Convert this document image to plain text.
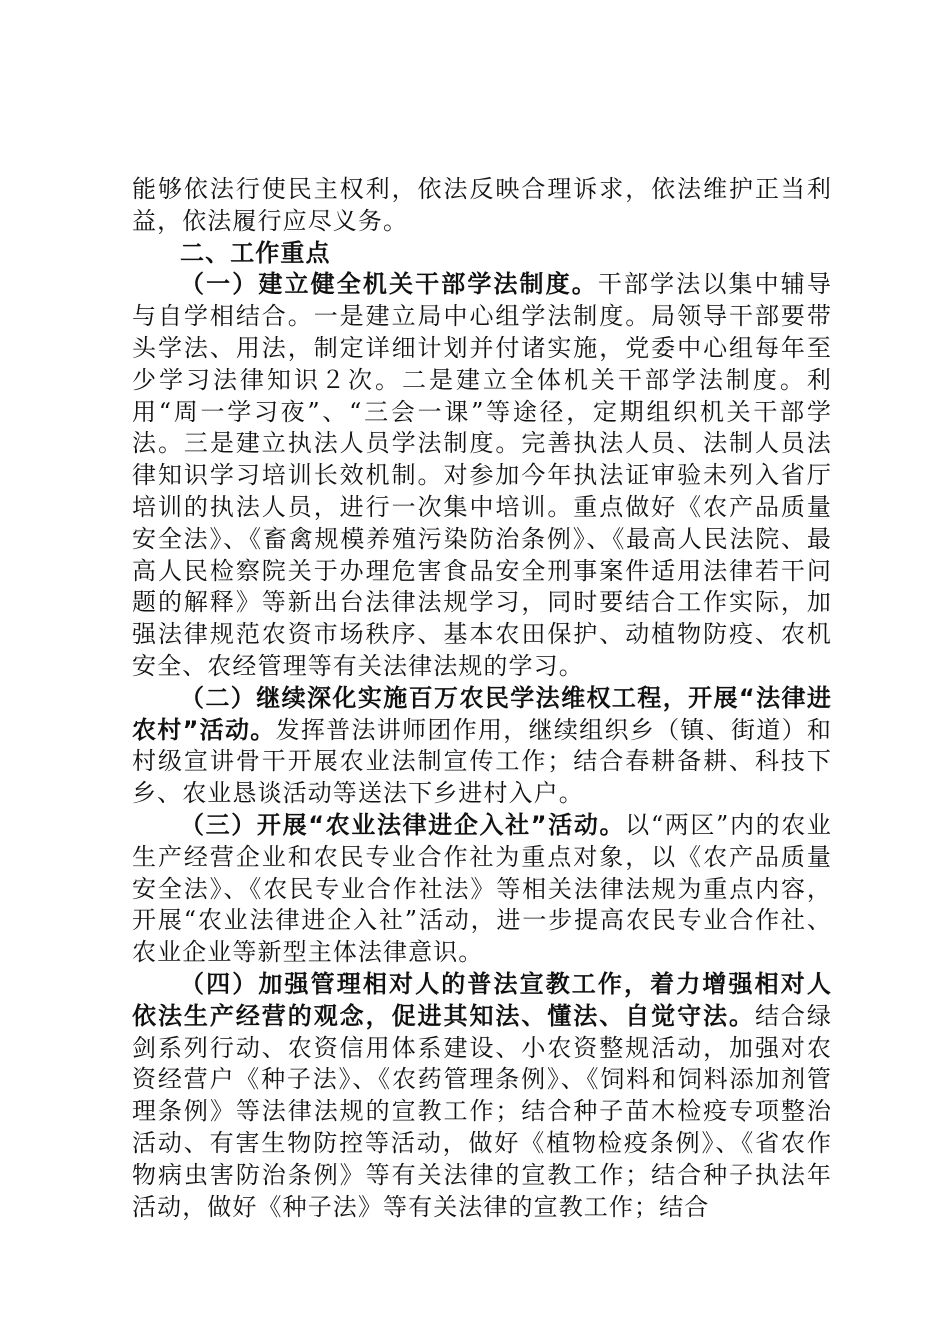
能够依法行使民主权利，依法反映合理诉求，依法维护正当利益，依法履行应尽义务。

二、工作重点

（一）建立健全机关干部学法制度。干部学法以集中辅导与自学相结合。一是建立局中心组学法制度。局领导干部要带头学法、用法，制定详细计划并付诸实施，党委中心组每年至少学习法律知识２次。二是建立全体机关干部学法制度。利用“周一学习夜”、“三会一课”等途径，定期组织机关干部学法。三是建立执法人员学法制度。完善执法人员、法制人员法律知识学习培训长效机制。对参加今年执法证审验未列入省厅培训的执法人员，进行一次集中培训。重点做好《农产品质量安全法》、《畜禽规模养殖污染防治条例》、《最高人民法院、最高人民检察院关于办理危害食品安全刑事案件适用法律若干问题的解释》等新出台法律法规学习，同时要结合工作实际，加强法律规范农资市场秩序、基本农田保护、动植物防疫、农机安全、农经管理等有关法律法规的学习。

（二）继续深化实施百万农民学法维权工程，开展“法律进农村”活动。发挥普法讲师团作用，继续组织乡（镇、街道）和村级宣讲骨干开展农业法制宣传工作；结合春耕备耕、科技下乡、农业恳谈活动等送法下乡进村入户。

（三）开展“农业法律进企入社”活动。以“两区”内的农业生产经营企业和农民专业合作社为重点对象，以《农产品质量安全法》、《农民专业合作社法》等相关法律法规为重点内容，开展“农业法律进企入社”活动，进一步提高农民专业合作社、农业企业等新型主体法律意识。

（四）加强管理相对人的普法宣教工作，着力增强相对人依法生产经营的观念，促进其知法、懂法、自觉守法。结合绿剑系列行动、农资信用体系建设、小农资整规活动，加强对农资经营户《种子法》、《农药管理条例》、《饲料和饲料添加剂管理条例》等法律法规的宣教工作；结合种子苗木检疫专项整治活动、有害生物防控等活动，做好《植物检疫条例》、《省农作物病虫害防治条例》等有关法律的宣教工作；结合种子执法年活动，做好《种子法》等有关法律的宣教工作；结合
